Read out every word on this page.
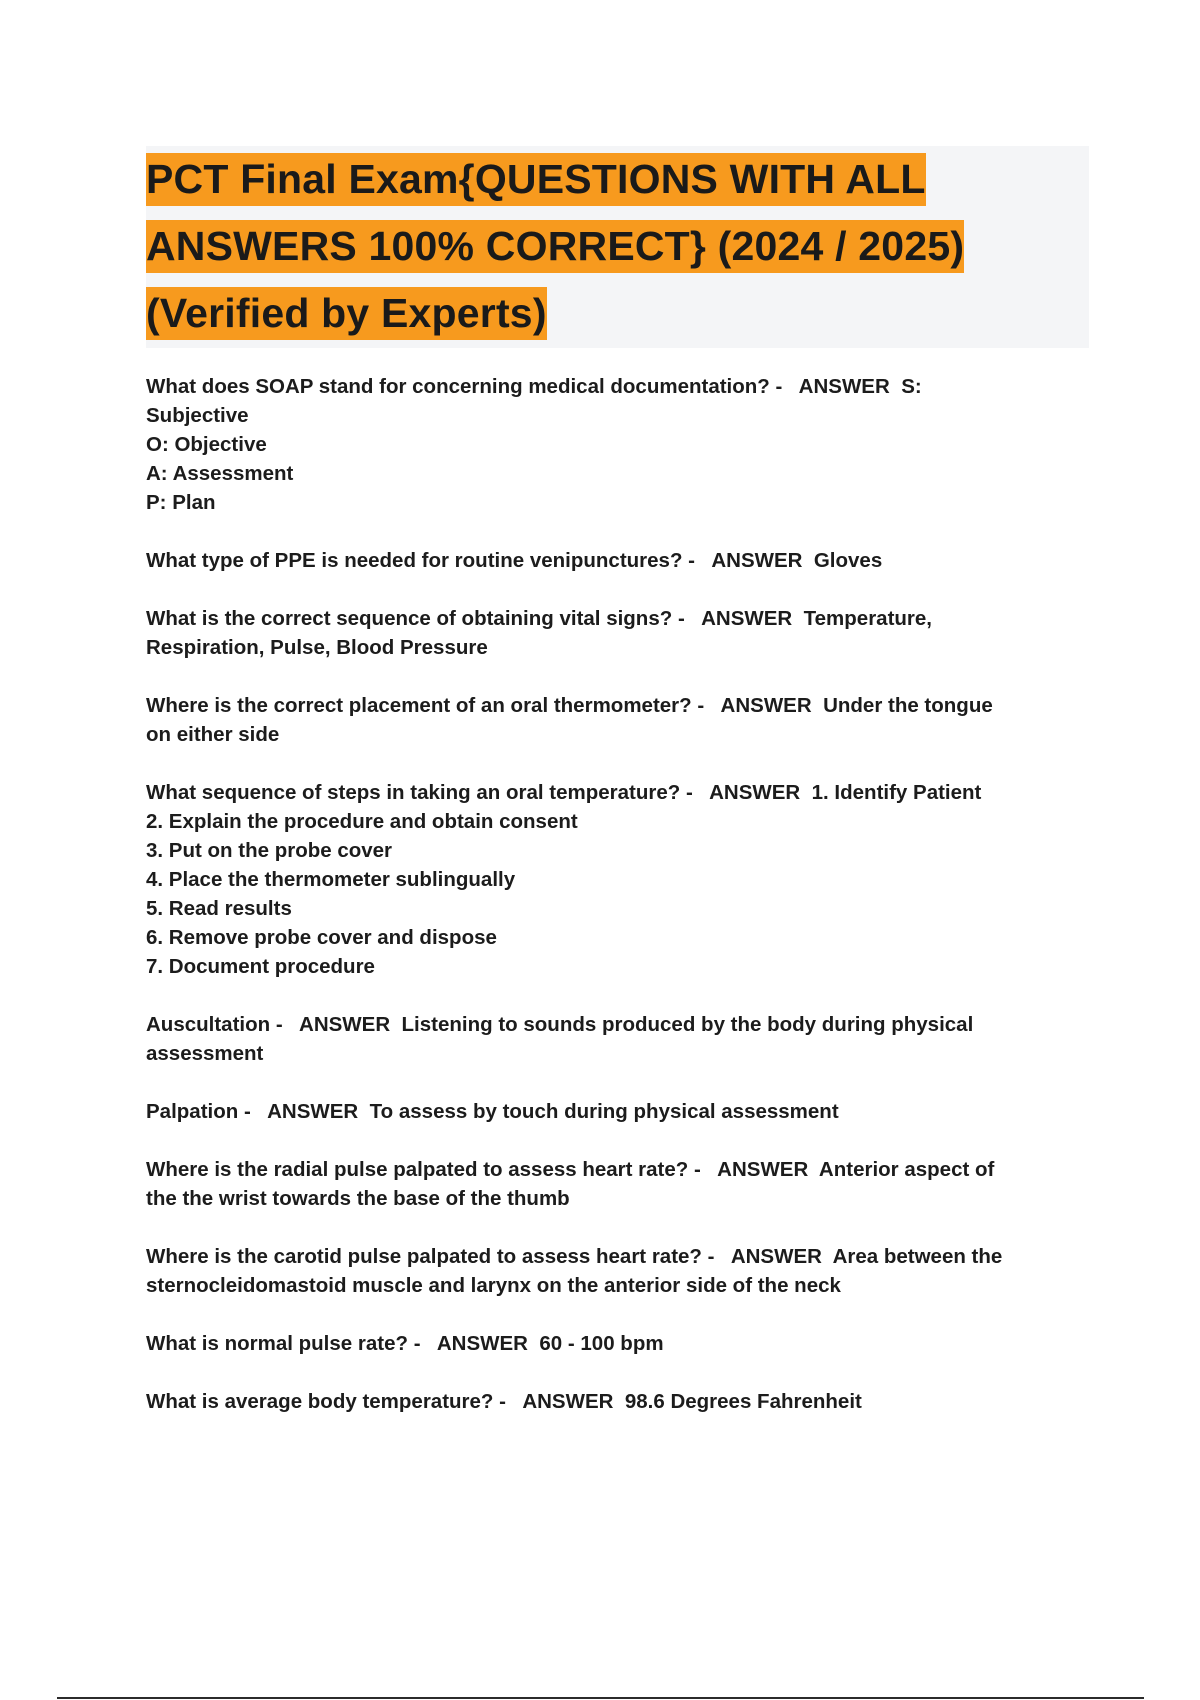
PCT Final Exam{QUESTIONS WITH ALL ANSWERS 100% CORRECT} (2024 / 2025) (Verified by Experts)

What does SOAP stand for concerning medical documentation? -   ANSWER S:
Subjective
O: Objective
A: Assessment
P: Plan

What type of PPE is needed for routine venipunctures? -   ANSWER Gloves

What is the correct sequence of obtaining vital signs? -   ANSWER Temperature,
Respiration, Pulse, Blood Pressure

Where is the correct placement of an oral thermometer? -   ANSWER Under the tongue
on either side

What sequence of steps in taking an oral temperature? -   ANSWER 1. Identify Patient
2. Explain the procedure and obtain consent
3. Put on the probe cover
4. Place the thermometer sublingually
5. Read results
6. Remove probe cover and dispose
7. Document procedure

Auscultation -   ANSWER Listening to sounds produced by the body during physical
assessment

Palpation -   ANSWER To assess by touch during physical assessment

Where is the radial pulse palpated to assess heart rate? -   ANSWER Anterior aspect of
the the wrist towards the base of the thumb

Where is the carotid pulse palpated to assess heart rate? -   ANSWER Area between the
sternocleidomastoid muscle and larynx on the anterior side of the neck

What is normal pulse rate? -   ANSWER 60 - 100 bpm

What is average body temperature? -   ANSWER 98.6 Degrees Fahrenheit
